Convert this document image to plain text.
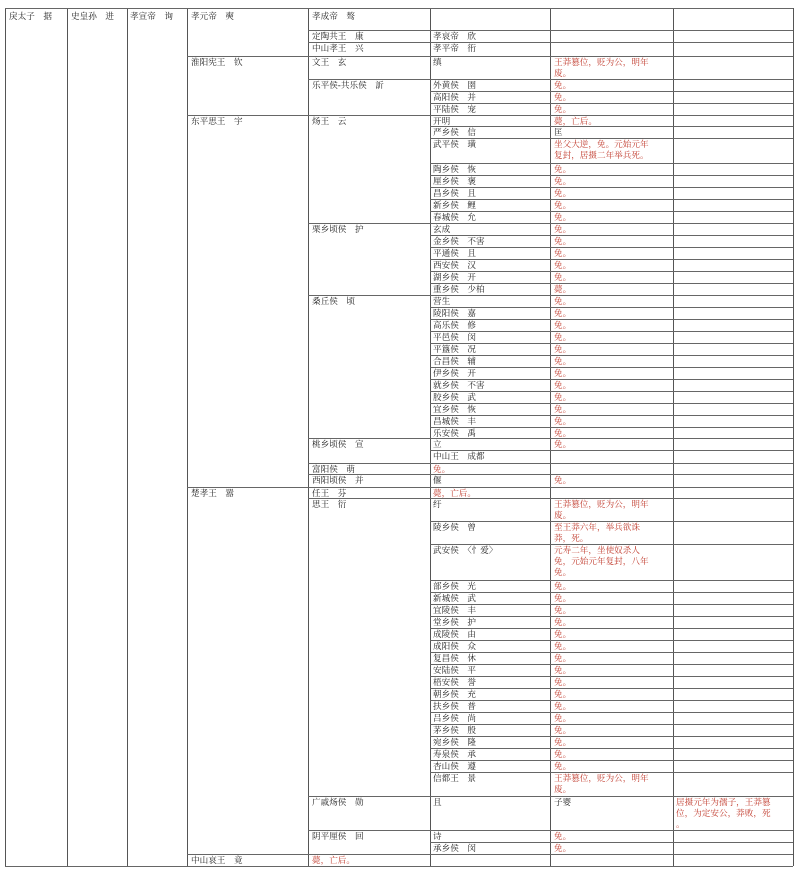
戾太子　据 史皇孙　进 孝宣帝　询 孝元帝　奭
淮阳宪王　钦
东平思王　宇
楚孝王　嚣
中山哀王　竟
孝成帝　骜
定陶共王　康
中山孝王　兴
文王　玄
乐平侯-共乐侯　訢
炀王　云
栗乡顷侯　护
桑丘侯　顷
桃乡顷侯　宣
富阳侯　萌
西阳顷侯　并
任王　芬
思王　衍
广戚炀侯　勋
阴平厘侯　回
薨，亡后。
孝哀帝　欣
孝平帝　衎
缜
外黄侯　圉
高阳侯　并
平陆侯　宠
开明
严乡侯　信
武平侯　璜
陶乡侯　恢
厘乡侯　褒
昌乡侯　且
新乡侯　鲤
春城侯　允
玄成
金乡侯　不害
平通侯　且
西安侯　汉
湖乡侯　开
重乡侯　少柏
营生
陵阳侯　嘉
高乐侯　修
平邑侯　闵
平簋侯　况
合昌侯　辅
伊乡侯　开
就乡侯　不害
胶乡侯　武
宜乡侯　恢
昌城侯　丰
乐安侯　禹
立
中山王　成都
免。
偃
薨，亡后。
纡
陵乡侯　曾
武安侯　〈忄爱〉
部乡侯　光
新城侯　武
宜陵侯　丰
堂乡侯　护
成陵侯　由
成阳侯　众
复昌侯　休
安陆侯　平
梧安侯　誉
朝乡侯　充
扶乡侯　普
吕乡侯　尚
茅乡侯　殷
宛乡侯　隆
寿泉侯　承
杏山侯　遵
信都王　景
且
诗
承乡侯　闵
王莽篡位，贬为公，明年
废。
免。
免。
免。
薨，亡后。
匡
坐父大逆，免。元始元年
复封，居摄二年举兵死。
免。
免。
免。
免。
免。
免。
免。
免。
免。
免。
薨。
免。
免。
免。
免。
免。
免。
免。
免。
免。
免。
免。
免。
免。
免。
王莽篡位，贬为公，明年
废。
至王莽六年，举兵欲诛
莽，死。
元寿二年，坐使奴杀人
免，元始元年复封，八年
免。
免。
免。
免。
免。
免。
免。
免。
免。
免。
免。
免。
免。
免。
免。
免。
免。
王莽篡位，贬为公，明年
废。
子婴
免。
免。
居摄元年为孺子，王莽篡
位，为定安公，莽败，死
。
